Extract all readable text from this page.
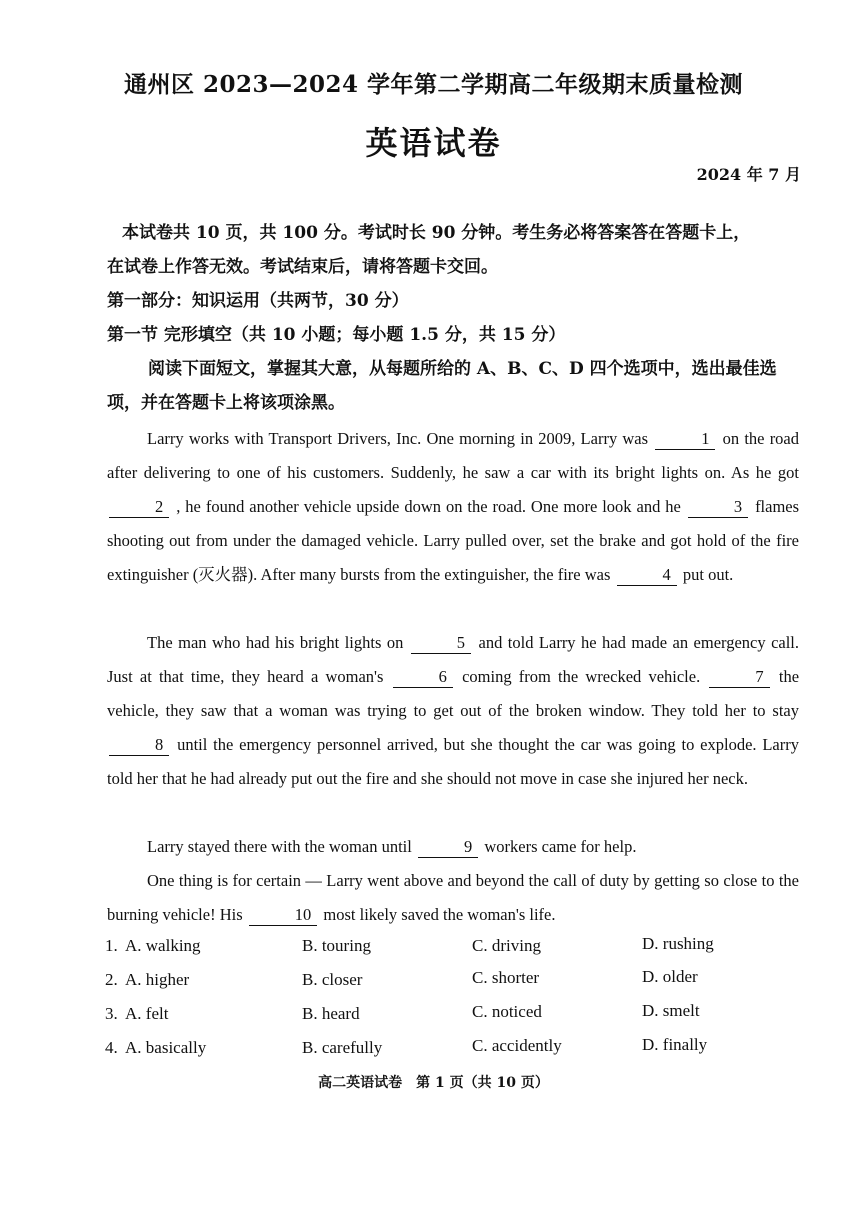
通州区 2023—2024 学年第二学期高二年级期末质量检测
英语试卷
2024 年 7 月
本试卷共 10 页，共 100 分。考试时长 90 分钟。考生务必将答案答在答题卡上，
在试卷上作答无效。考试结束后，请将答题卡交回。
第一部分：知识运用（共两节，30 分）
第一节 完形填空（共 10 小题；每小题 1.5 分，共 15 分）
阅读下面短文，掌握其大意，从每题所给的 A、B、C、D 四个选项中，选出最佳选
项，并在答题卡上将该项涂黑。
Larry works with Transport Drivers, Inc. One morning in 2009, Larry was	1 on the road after delivering to one of his customers. Suddenly, he saw a car with its bright lights on. As he got 2 , he found another vehicle upside down on the road. One more look and he	3 flames shooting out from under the damaged vehicle. Larry pulled over, set the brake and got hold of the fire extinguisher (灭火器). After many bursts from the extinguisher, the fire was	4 put out.
The man who had his bright lights on	5 and told Larry he had made an emergency call. Just at that time, they heard a woman's	6 coming from the wrecked vehicle.	7 the vehicle, they saw that a woman was trying to get out of the broken window. They told her to stay 8 until the emergency personnel arrived, but she thought the car was going to explode. Larry told her that he had already put out the fire and she should not move in case she injured her neck.
Larry stayed there with the woman until	9 workers came for help.
One thing is for certain — Larry went above and beyond the call of duty by getting so close to the burning vehicle! His	10 most likely saved the woman's life.
1. A. walking	B. touring	C. driving	D. rushing
2. A. higher	B. closer	C. shorter	D. older
3. A. felt	B. heard	C. noticed	D. smelt
4. A. basically	B. carefully	C. accidently	D. finally
高二英语试卷　第 1 页（共 10 页）
